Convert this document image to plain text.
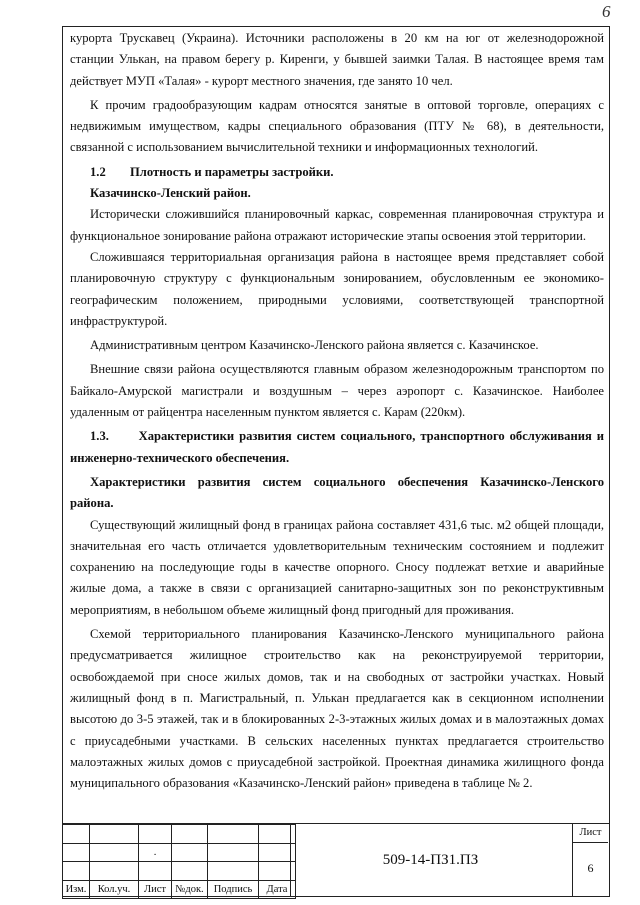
6

курорта Трускавец (Украина). Источники расположены в 20 км на юг от железнодорожной станции Улькан, на правом берегу р. Киренги, у бывшей заимки Талая. В настоящее время там действует МУП «Талая» - курорт местного значения, где занято 10 чел.

К прочим градообразующим кадрам относятся занятые в оптовой торговле, операциях с недвижимым имуществом, кадры специального образования (ПТУ № 68), в деятельности, связанной с использованием вычислительной техники и информационных технологий.

1.2	Плотность и параметры застройки.

Казачинско-Ленский район.

Исторически сложившийся планировочный каркас, современная планировочная структура и функциональное зонирование района отражают исторические этапы освоения этой территории.

Сложившаяся территориальная организация района в настоящее время представляет собой планировочную структуру с функциональным зонированием, обусловленным ее экономико-географическим положением, природными условиями, соответствующей транспортной инфраструктурой.

Административным центром Казачинско-Ленского района является с. Казачинское.

Внешние связи района осуществляются главным образом железнодорожным транспортом по Байкало-Амурской магистрали и воздушным – через аэропорт с. Казачинское. Наиболее удаленным от райцентра населенным пунктом является с. Карам (220км).

1.3. Характеристики развития систем социального, транспортного обслуживания и инженерно-технического обеспечения.

Характеристики развития систем социального обеспечения Казачинско-Ленского района.

Существующий жилищный фонд в границах района составляет 431,6 тыс. м2 общей площади, значительная его часть отличается удовлетворительным техническим состоянием и подлежит сохранению на последующие годы в качестве опорного. Сносу подлежат ветхие и аварийные жилые дома, а также в связи с организацией санитарно-защитных зон по реконструктивным мероприятиям, в небольшом объеме жилищный фонд пригодный для проживания.

Схемой территориального планирования Казачинско-Ленского муниципального района предусматривается жилищное строительство как на реконструируемой территории, освобождаемой при сносе жилых домов, так и на свободных от застройки участках. Новый жилищный фонд в п. Магистральный, п. Улькан предлагается как в секционном исполнении высотою до 3-5 этажей, так и в блокированных 2-3-этажных жилых домах и в малоэтажных домах с приусадебными участками. В сельских населенных пунктах предлагается строительство малоэтажных жилых домов с приусадебной застройкой. Проектная динамика жилищного фонда муниципального образования «Казачинско-Ленский район» приведена в таблице № 2.

		.			

Изм.	Кол.уч.	Лист	№док.	Подпись	Дата
509-14-ПЗ1.ПЗ
Лист
6
